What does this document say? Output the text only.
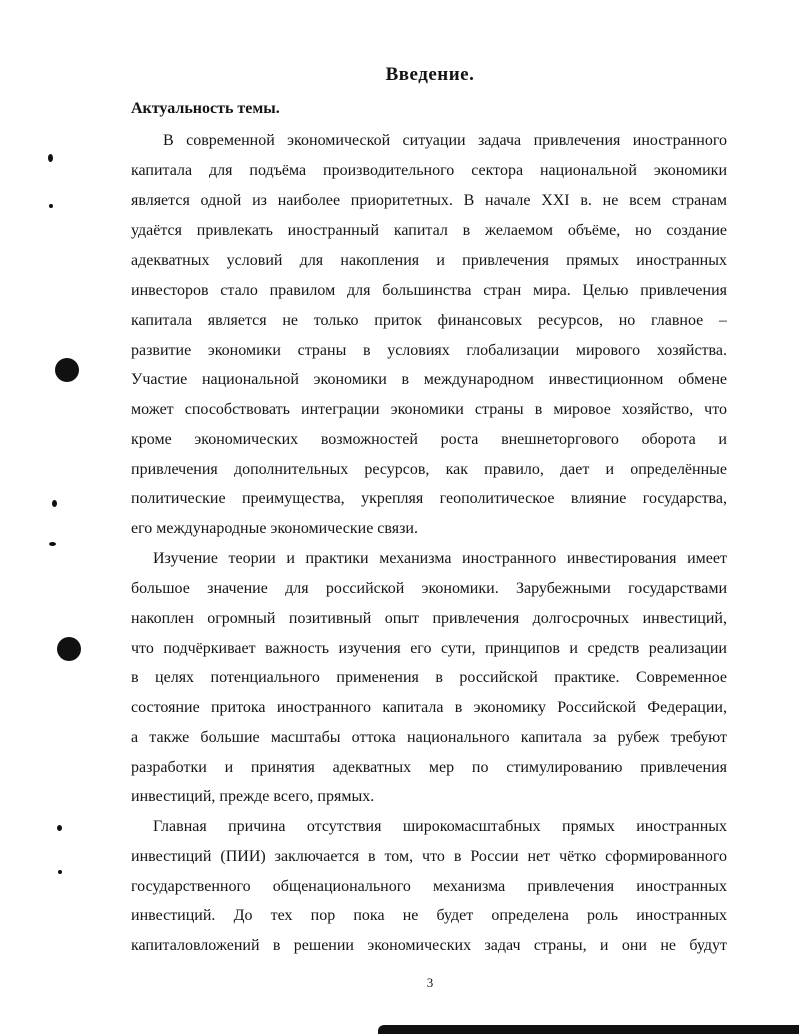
Введение.
Актуальность темы.
В современной экономической ситуации задача привлечения иностранного
капитала для подъёма производительного сектора национальной экономики
является одной из наиболее приоритетных. В начале XXI в. не всем странам
удаётся привлекать иностранный капитал в желаемом объёме, но создание
адекватных условий для накопления и привлечения прямых иностранных
инвесторов стало правилом для большинства стран мира. Целью привлечения
капитала является не только приток финансовых ресурсов, но главное –
развитие экономики страны в условиях глобализации мирового хозяйства.
Участие национальной экономики в международном инвестиционном обмене
может способствовать интеграции экономики страны в мировое хозяйство, что
кроме экономических возможностей роста внешнеторгового оборота и
привлечения дополнительных ресурсов, как правило, дает и определённые
политические преимущества, укрепляя геополитическое влияние государства,
его международные экономические связи.
Изучение теории и практики механизма иностранного инвестирования имеет
большое значение для российской экономики. Зарубежными государствами
накоплен огромный позитивный опыт привлечения долгосрочных инвестиций,
что подчёркивает важность изучения его сути, принципов и средств реализации
в целях потенциального применения в российской практике. Современное
состояние притока иностранного капитала в экономику Российской Федерации,
а также большие масштабы оттока национального капитала за рубеж требуют
разработки и принятия адекватных мер по стимулированию привлечения
инвестиций, прежде всего, прямых.
Главная причина отсутствия широкомасштабных прямых иностранных
инвестиций (ПИИ) заключается в том, что в России нет чётко сформированного
государственного общенационального механизма привлечения иностранных
инвестиций. До тех пор пока не будет определена роль иностранных
капиталовложений в решении экономических задач страны, и они не будут
3
